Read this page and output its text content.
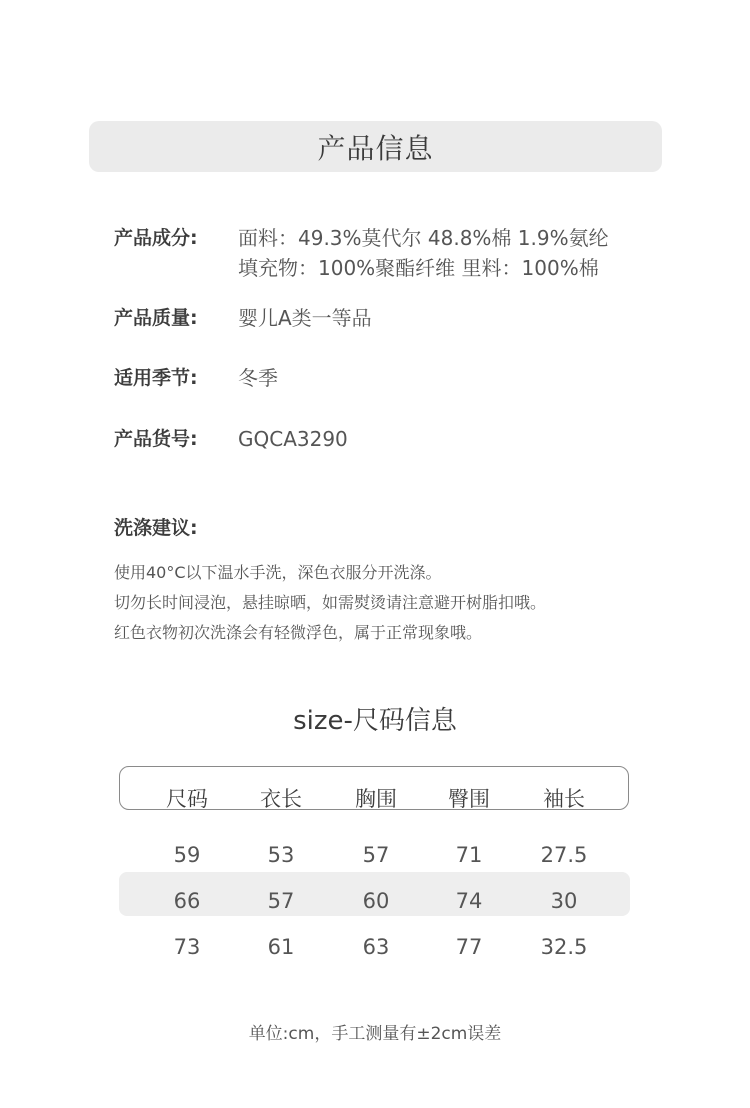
产品信息
产品成分:	面料：49.3%莫代尔 48.8%棉 1.9%氨纶
填充物：100%聚酯纤维 里料：100%棉
产品质量:	婴儿A类一等品
适用季节:	冬季
产品货号:	GQCA3290
洗涤建议:
使用40°C以下温水手洗，深色衣服分开洗涤。
切勿长时间浸泡，悬挂晾晒，如需熨烫请注意避开树脂扣哦。
红色衣物初次洗涤会有轻微浮色，属于正常现象哦。
size-尺码信息
尺码	衣长	胸围	臀围	袖长
59	53	57	71	27.5
66	57	60	74	30
73	61	63	77	32.5
单位:cm，手工测量有±2cm误差
